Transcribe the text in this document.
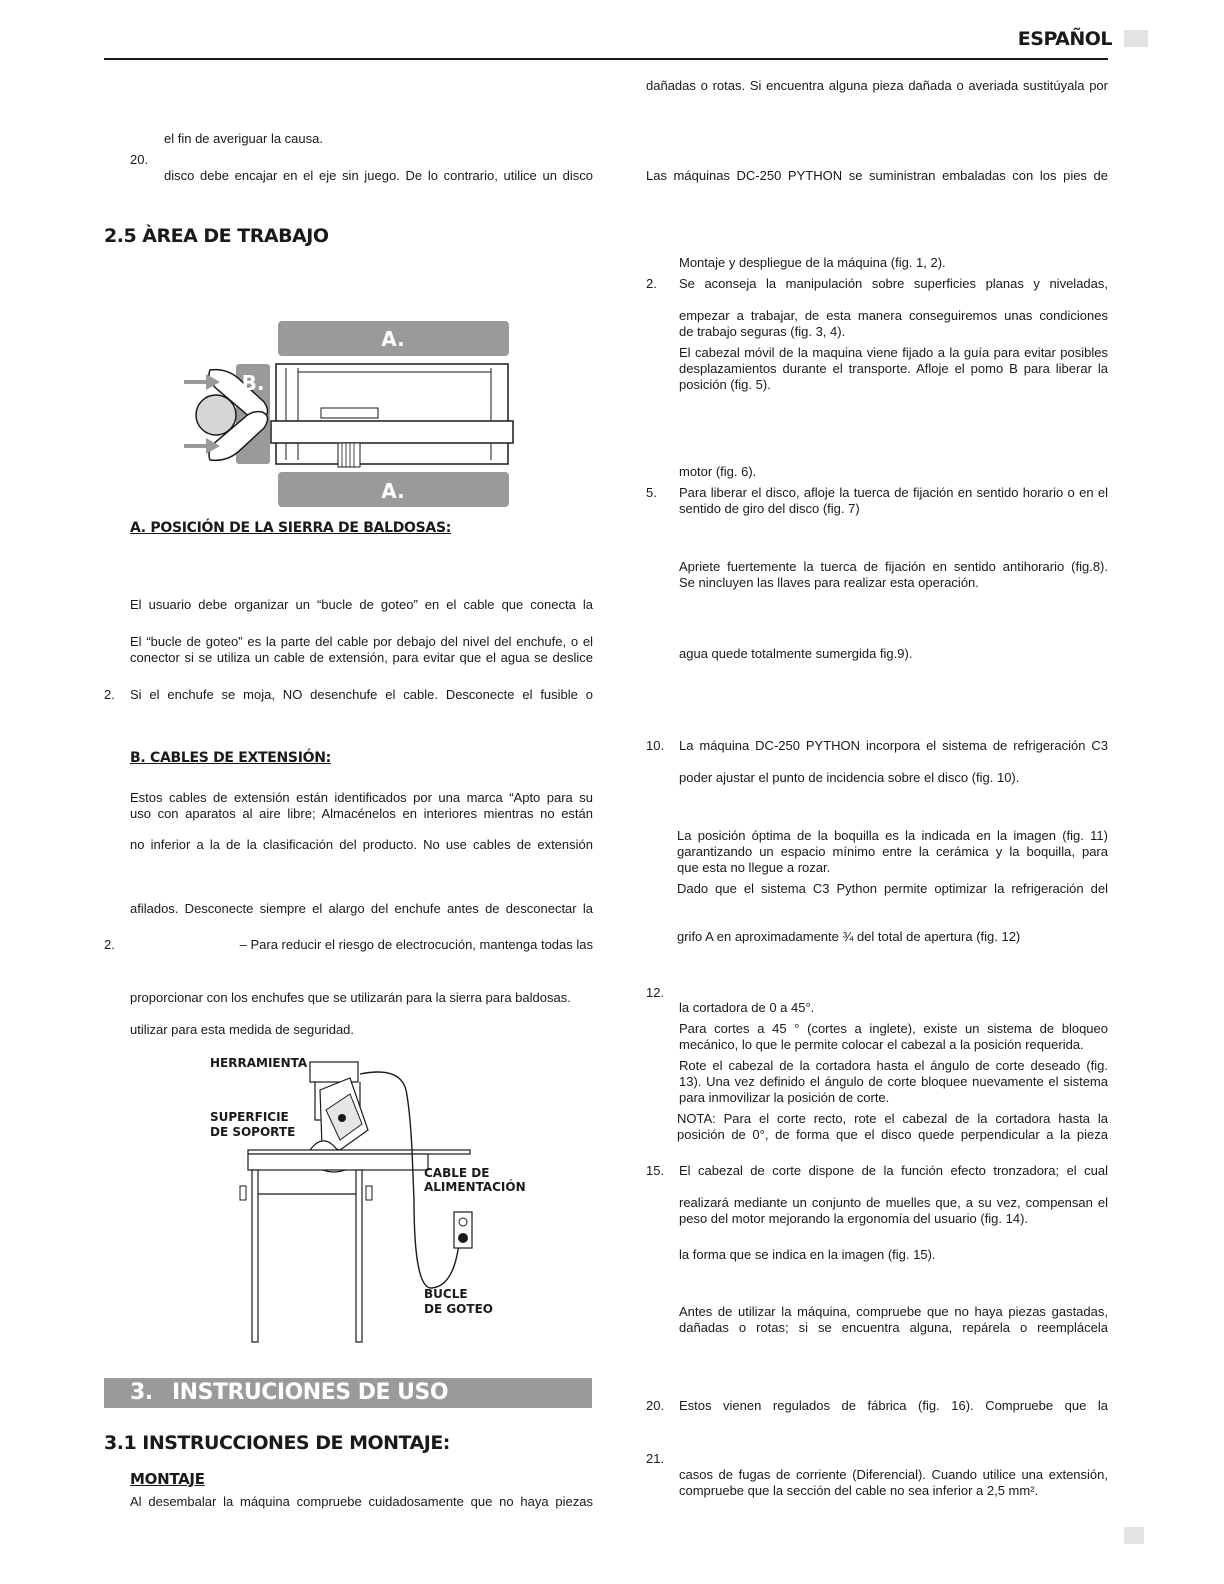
ESPAÑOL
el fin de averiguar la causa.
20.
disco debe encajar en el eje sin juego. De lo contrario, utilice un disco
2.5 ÀREA DE TRABAJO
A.
A.
B.
A. POSICIÓN DE LA SIERRA DE BALDOSAS:
El usuario debe organizar un “bucle de goteo” en el cable que conecta la
El “bucle de goteo” es la parte del cable por debajo del nivel del enchufe, o el
conector si se utiliza un cable de extensión, para evitar que el agua se deslice
2. Si el enchufe se moja, NO desenchufe el cable. Desconecte el fusible o
B. CABLES DE EXTENSIÓN:
Estos cables de extensión están identificados por una marca “Apto para su
uso con aparatos al aire libre; Almacénelos en interiores mientras no están
no inferior a la de la clasificación del producto. No use cables de extensión
afilados. Desconecte siempre el alargo del enchufe antes de desconectar la
2.	– Para reducir el riesgo de electrocución, mantenga todas las
proporcionar con los enchufes que se utilizarán para la sierra para baldosas.
utilizar para esta medida de seguridad.
HERRAMIENTA
SUPERFICIE
DE SOPORTE
CABLE DE
ALIMENTACIÓN
BUCLE
DE GOTEO
3. INSTRUCIONES DE USO
3.1 INSTRUCCIONES DE MONTAJE:
MONTAJE
Al desembalar la máquina compruebe cuidadosamente que no haya piezas
dañadas o rotas. Si encuentra alguna pieza dañada o averiada sustitúyala por
Las máquinas DC-250 PYTHON se suministran embaladas con los pies de
Montaje y despliegue de la máquina (fig. 1, 2).
2. Se aconseja la manipulación sobre superficies planas y niveladas,
empezar a trabajar, de esta manera conseguiremos unas condiciones
de trabajo seguras (fig. 3, 4).
El cabezal móvil de la maquina viene fijado a la guía para evitar posibles
desplazamientos durante el transporte. Afloje el pomo B para liberar la
posición (fig. 5).
motor (fig. 6).
5. Para liberar el disco, afloje la tuerca de fijación en sentido horario o en el
sentido de giro del disco (fig. 7)
Apriete fuertemente la tuerca de fijación en sentido antihorario (fig.8).
Se nincluyen las llaves para realizar esta operación.
agua quede totalmente sumergida fig.9).
10. La máquina DC-250 PYTHON incorpora el sistema de refrigeración C3
poder ajustar el punto de incidencia sobre el disco (fig. 10).
La posición óptima de la boquilla es la indicada en la imagen (fig. 11)
garantizando un espacio mínimo entre la cerámica y la boquilla, para
que esta no llegue a rozar.
Dado que el sistema C3 Python permite optimizar la refrigeración del
grifo A en aproximadamente ¾ del total de apertura (fig. 12)
12.
la cortadora de 0 a 45°.
Para cortes a 45 ° (cortes a inglete), existe un sistema de bloqueo
mecánico, lo que le permite colocar el cabezal a la posición requerida.
Rote el cabezal de la cortadora hasta el ángulo de corte deseado (fig.
13). Una vez definido el ángulo de corte bloquee nuevamente el sistema
para inmovilizar la posición de corte.
NOTA: Para el corte recto, rote el cabezal de la cortadora hasta la
posición de 0°, de forma que el disco quede perpendicular a la pieza
15. El cabezal de corte dispone de la función efecto tronzadora; el cual
realizará mediante un conjunto de muelles que, a su vez, compensan el
peso del motor mejorando la ergonomía del usuario (fig. 14).
la forma que se indica en la imagen (fig. 15).
Antes de utilizar la máquina, compruebe que no haya piezas gastadas,
dañadas o rotas; si se encuentra alguna, repárela o reemplácela
20. Estos vienen regulados de fábrica (fig. 16). Compruebe que la
21.
casos de fugas de corriente (Diferencial). Cuando utilice una extensión,
compruebe que la sección del cable no sea inferior a 2,5 mm².
